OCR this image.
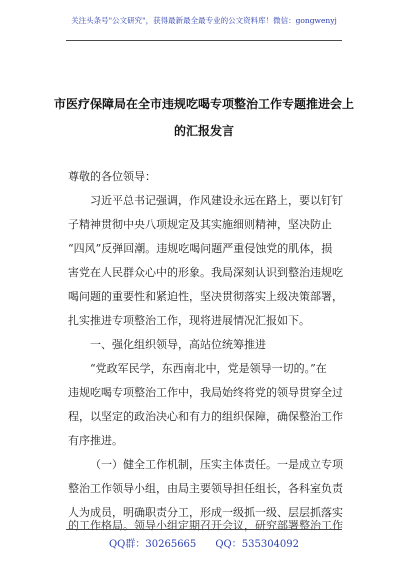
关注头条号"公文研究"，获得最新最全最专业的公文资料库！微信：gongwenyj
市医疗保障局在全市违规吃喝专项整治工作专题推进会上
的汇报发言
尊敬的各位领导：
习近平总书记强调，作风建设永远在路上，要以钉钉
子精神贯彻中央八项规定及其实施细则精神，坚决防止
“四风”反弹回潮。违规吃喝问题严重侵蚀党的肌体，损
害党在人民群众心中的形象。我局深刻认识到整治违规吃
喝问题的重要性和紧迫性，坚决贯彻落实上级决策部署，
扎实推进专项整治工作，现将进展情况汇报如下。
一、强化组织领导，高站位统筹推进
“党政军民学，东西南北中，党是领导一切的。”在
违规吃喝专项整治工作中，我局始终将党的领导贯穿全过
程，以坚定的政治决心和有力的组织保障，确保整治工作
有序推进。
（一）健全工作机制，压实主体责任。一是成立专项
整治工作领导小组，由局主要领导担任组长，各科室负责
人为成员，明确职责分工，形成一级抓一级、层层抓落实
的工作格局。领导小组定期召开会议，研究部署整治工作
QQ群：30265665      QQ：535304092
